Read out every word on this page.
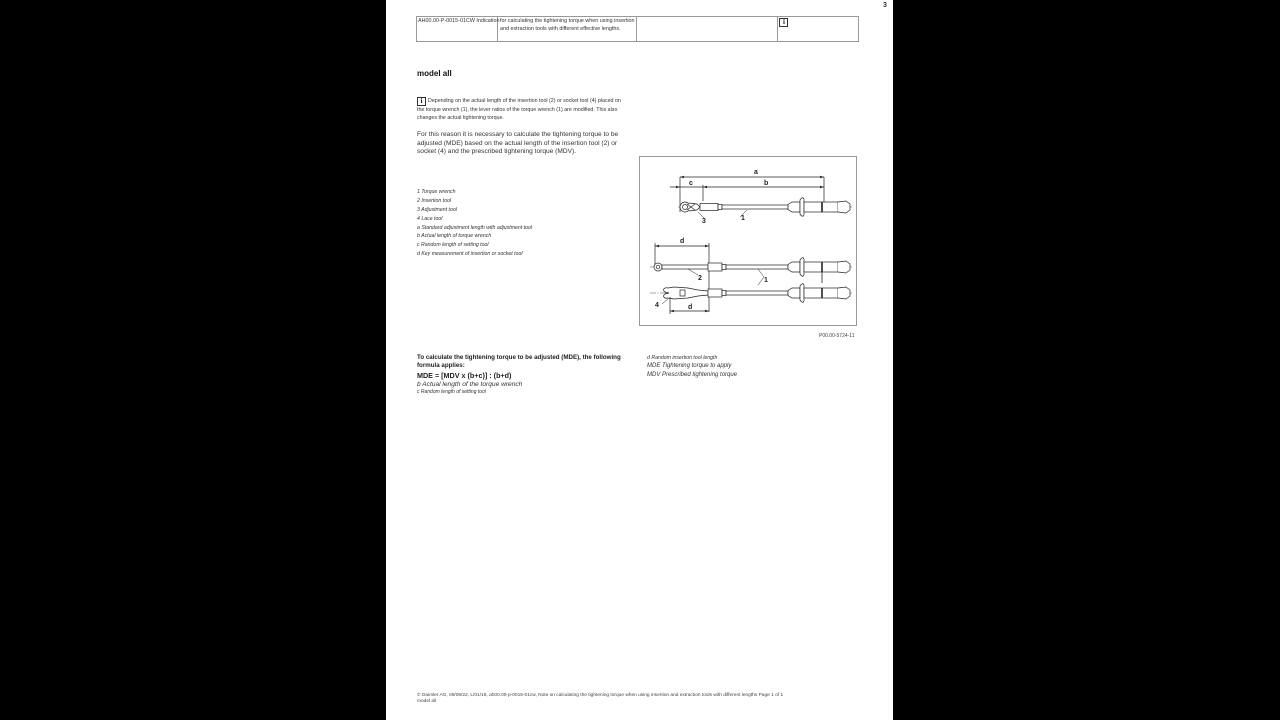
3
AH00.00-P-0015-01CW Indication for calculating the tightening torque when using insertion and extraction tools with different effective lengths.
i
model all
i Depending on the actual length of the insertion tool (2) or socket tool (4) placed on the torque wrench (1), the lever ratios of the torque wrench (1) are modified. This also changes the actual tightening torque.
For this reason it is necessary to calculate the tightening torque to be adjusted (MDE) based on the actual length of the insertion tool (2) or socket (4) and the prescribed tightening torque (MDV).
1 Torque wrench
2 Insertion tool
3 Adjustment tool
4 Lace tool
a Standard adjustment length with adjustment tool
b Actual length of torque wrench
c Random length of setting tool
d Key measurement of insertion or socket tool
a
c	b
3	1
d
2	1
d
4
P00.00-5724-11
To calculate the tightening torque to be adjusted (MDE), the following formula applies:
MDE = [MDV x (b+c)] : (b+d)
b Actual length of the torque wrench
c Random length of setting tool
d Random insertion tool length
MDE Tightening torque to apply
MDV Prescribed tightening torque
© Daimler AG, 09/06/22, L/01/18, ah00.00-p-0015-01cw, Note on calculating the tightening torque when using insertion and extraction tools with different lengths Page 1 of 1
model all
